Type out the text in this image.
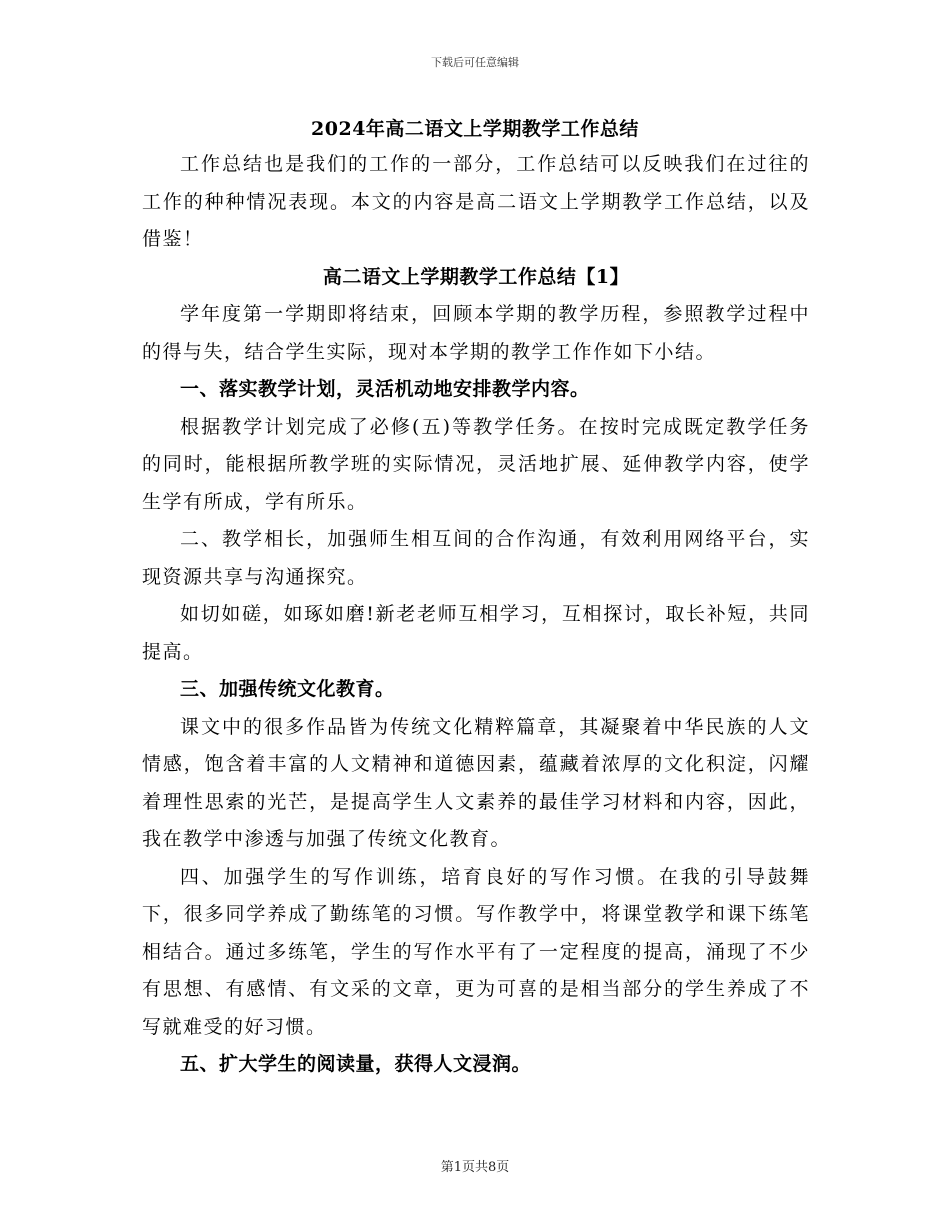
下载后可任意编辑
2024年高二语文上学期教学工作总结

工作总结也是我们的工作的一部分，工作总结可以反映我们在过往的工作的种种情况表现。本文的内容是高二语文上学期教学工作总结，以及借鉴！

高二语文上学期教学工作总结【1】

学年度第一学期即将结束，回顾本学期的教学历程，参照教学过程中的得与失，结合学生实际，现对本学期的教学工作作如下小结。

一、落实教学计划，灵活机动地安排教学内容。

根据教学计划完成了必修(五)等教学任务。在按时完成既定教学任务的同时，能根据所教学班的实际情况，灵活地扩展、延伸教学内容，使学生学有所成，学有所乐。

二、教学相长，加强师生相互间的合作沟通，有效利用网络平台，实现资源共享与沟通探究。

如切如磋，如琢如磨!新老老师互相学习，互相探讨，取长补短，共同提高。

三、加强传统文化教育。

课文中的很多作品皆为传统文化精粹篇章，其凝聚着中华民族的人文情感，饱含着丰富的人文精神和道德因素，蕴藏着浓厚的文化积淀，闪耀着理性思索的光芒，是提高学生人文素养的最佳学习材料和内容，因此，我在教学中渗透与加强了传统文化教育。

四、加强学生的写作训练，培育良好的写作习惯。在我的引导鼓舞下，很多同学养成了勤练笔的习惯。写作教学中，将课堂教学和课下练笔相结合。通过多练笔，学生的写作水平有了一定程度的提高，涌现了不少有思想、有感情、有文采的文章，更为可喜的是相当部分的学生养成了不写就难受的好习惯。

五、扩大学生的阅读量，获得人文浸润。

第1页共8页
